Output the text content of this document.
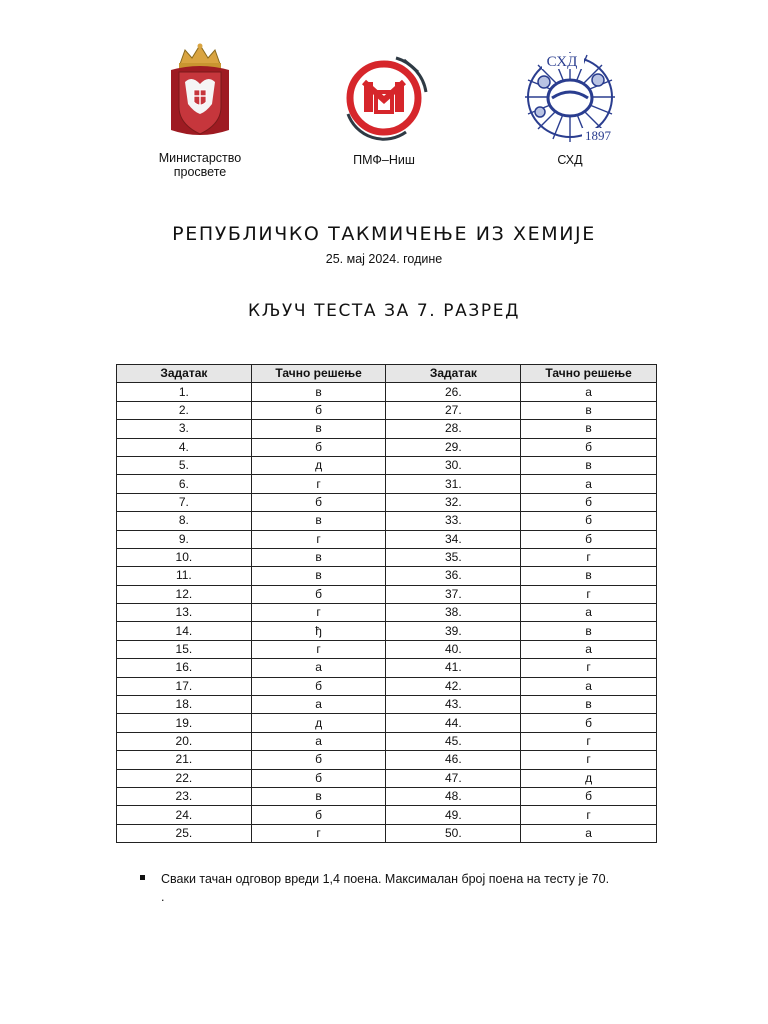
Министарство
просвете
ПМФ–Ниш
СХД
1897
СХД
РЕПУБЛИЧКО ТАКМИЧЕЊЕ ИЗ ХЕМИЈЕ
25. мај 2024. године
КЉУЧ ТЕСТА ЗА 7. РАЗРЕД
Задатак	Тачно решење	Задатак	Тачно решење
1.	в	26.	а
2.	б	27.	в
3.	в	28.	в
4.	б	29.	б
5.	д	30.	в
6.	г	31.	а
7.	б	32.	б
8.	в	33.	б
9.	г	34.	б
10.	в	35.	г
11.	в	36.	в
12.	б	37.	г
13.	г	38.	а
14.	ђ	39.	в
15.	г	40.	а
16.	а	41.	г
17.	б	42.	а
18.	а	43.	в
19.	д	44.	б
20.	а	45.	г
21.	б	46.	г
22.	б	47.	д
23.	в	48.	б
24.	б	49.	г
25.	г	50.	а
Сваки тачан одговор вреди 1,4 поена. Максималан број поена на тесту је 70.
.
